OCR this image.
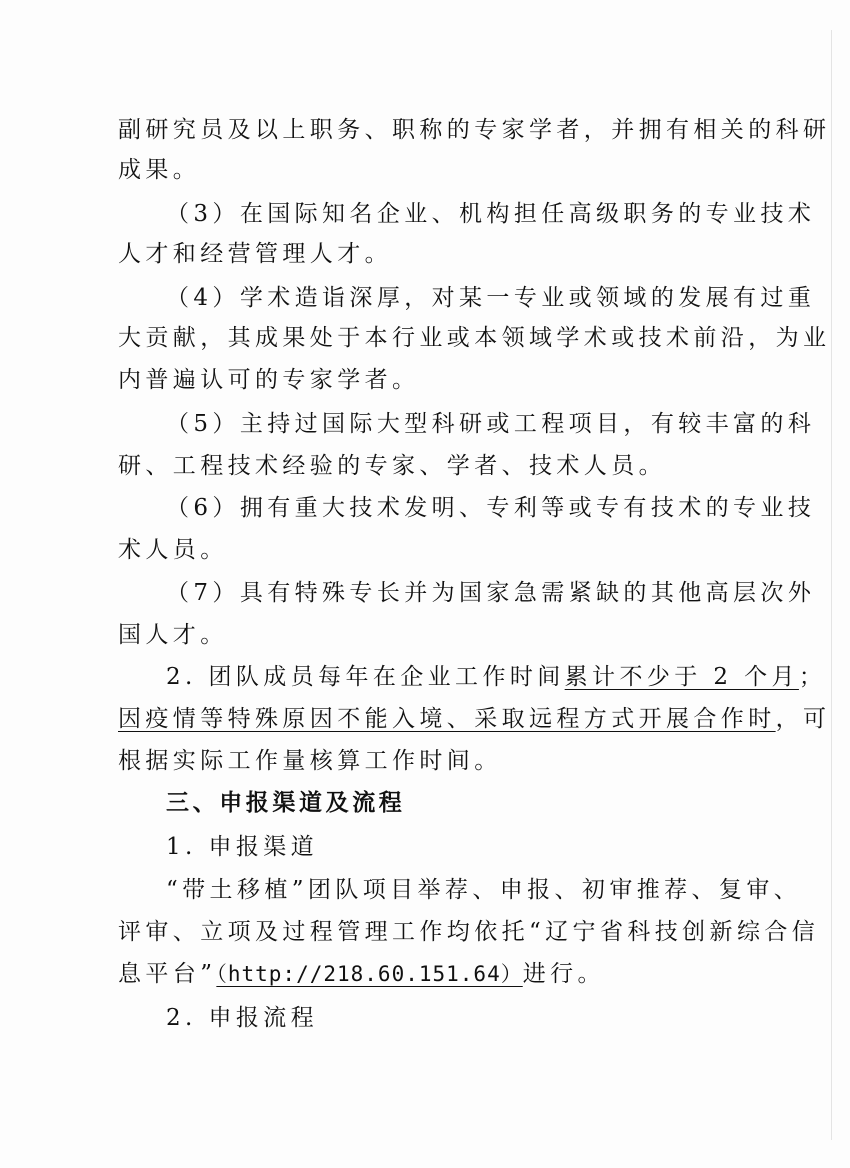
副研究员及以上职务、职称的专家学者，并拥有相关的科研
成果。
（3）在国际知名企业、机构担任高级职务的专业技术
人才和经营管理人才。
（4）学术造诣深厚，对某一专业或领域的发展有过重
大贡献，其成果处于本行业或本领域学术或技术前沿，为业
内普遍认可的专家学者。
（5）主持过国际大型科研或工程项目，有较丰富的科
研、工程技术经验的专家、学者、技术人员。
（6）拥有重大技术发明、专利等或专有技术的专业技
术人员。
（7）具有特殊专长并为国家急需紧缺的其他高层次外
国人才。
2. 团队成员每年在企业工作时间累计不少于 2 个月；
因疫情等特殊原因不能入境、采取远程方式开展合作时，可
根据实际工作量核算工作时间。
三、申报渠道及流程
1. 申报渠道
“带土移植”团队项目举荐、申报、初审推荐、复审、
评审、立项及过程管理工作均依托“辽宁省科技创新综合信
息平台”（http://218.60.151.64）进行。
2. 申报流程
